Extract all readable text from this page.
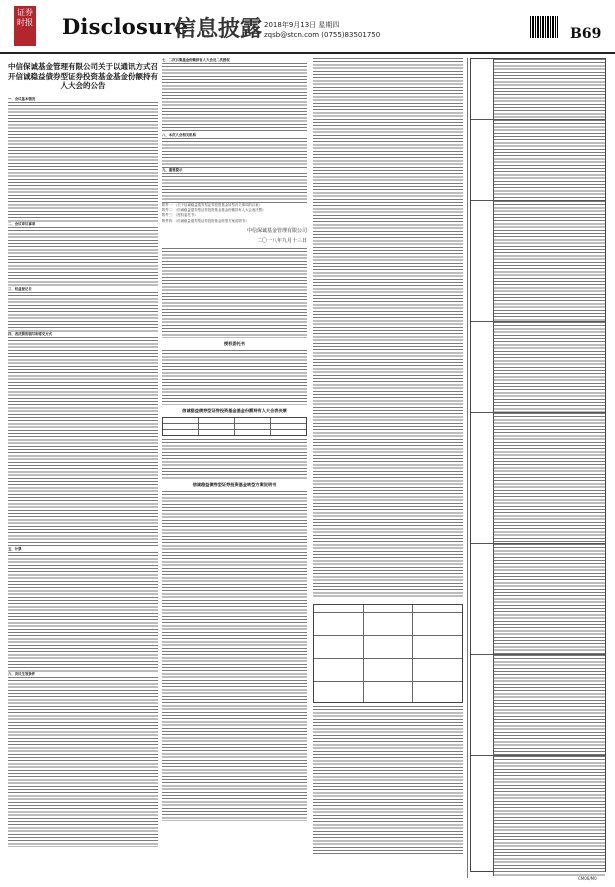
证券时报 Disclosure
信息披露 2018年9月13日 星期四
zqsb@stcn.com (0755)83501750	B69
中信保诚基金管理有限公司关于以通讯方式召开信诚稳益债券型证券投资基金基金份额持有人大会的公告

一、会议基本情况

二、会议审议事项

三、权益登记日

四、表决票的填写和寄交方式

五、计票

六、决议生效条件

七、二次召集基金份额持有人大会及二次授权

八、本次大会相关机构

九、重要提示

附件一：《关于信诚稳益债券型证券投资基金转型有关事项的议案》

附件二：《信诚稳益债券型证券投资基金基金份额持有人大会表决票》

附件三：《授权委托书》

附件四：《信诚稳益债券型证券投资基金转型方案说明书》

中信保诚基金管理有限公司
二〇一八年九月十三日
授权委托书
信诚稳益债券型证券投资基金基金份额持有人大会表决票
信诚稳益债券型证券投资基金转型方案说明书
CM06/M0
